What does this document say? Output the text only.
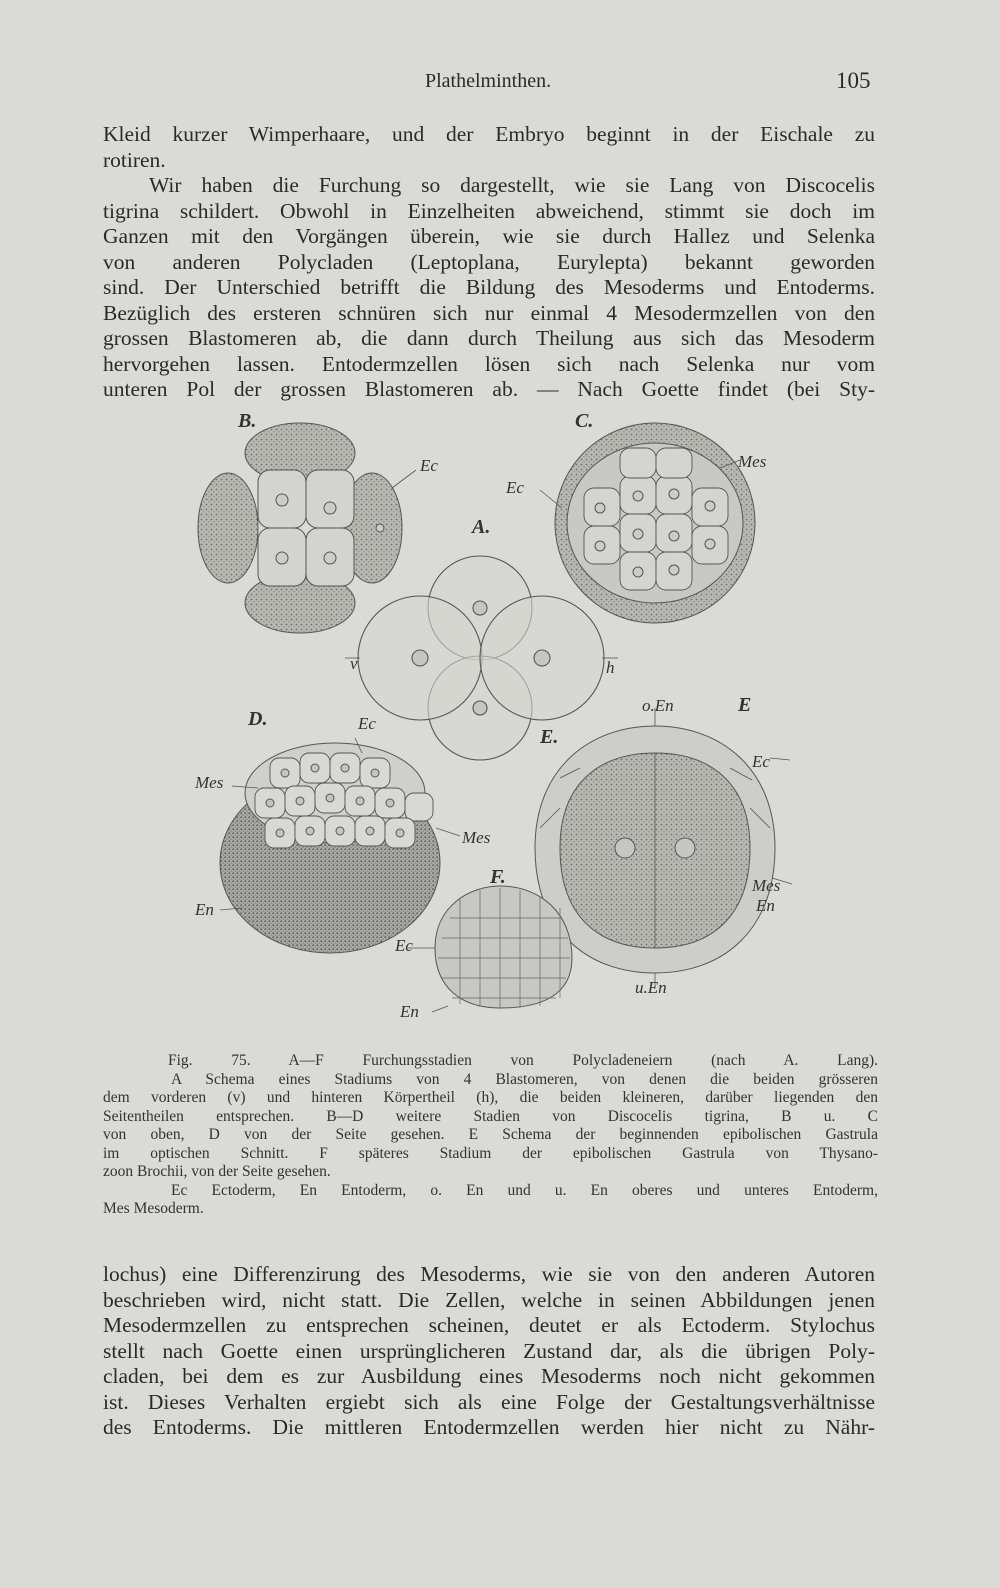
Plathelminthen.	105
Kleid kurzer Wimperhaare, und der Embryo beginnt in der Eischale zu
rotiren.
Wir haben die Furchung so dargestellt, wie sie Lang von Discocelis
tigrina schildert. Obwohl in Einzelheiten abweichend, stimmt sie doch im
Ganzen mit den Vorgängen überein, wie sie durch Hallez und Selenka
von anderen Polycladen (Leptoplana, Eurylepta) bekannt geworden
sind. Der Unterschied betrifft die Bildung des Mesoderms und Entoderms.
Bezüglich des ersteren schnüren sich nur einmal 4 Mesodermzellen von den
grossen Blastomeren ab, die dann durch Theilung aus sich das Mesoderm
hervorgehen lassen. Entodermzellen lösen sich nach Selenka nur vom
unteren Pol der grossen Blastomeren ab. — Nach Goette findet (bei Sty-
B.	C.
A.
D.
E.
E
F.
Ec
Ec
Mes
v	h
Ec
Mes
Mes
En
o.En
Ec
Mes
En
u.En
Ec
En
Fig. 75. A—F Furchungsstadien von Polycladeneiern (nach A. Lang).
A Schema eines Stadiums von 4 Blastomeren, von denen die beiden grösseren
dem vorderen (v) und hinteren Körpertheil (h), die beiden kleineren, darüber liegenden den
Seitentheilen entsprechen. B—D weitere Stadien von Discocelis tigrina, B u. C
von oben, D von der Seite gesehen. E Schema der beginnenden epibolischen Gastrula
im optischen Schnitt. F späteres Stadium der epibolischen Gastrula von Thysano-
zoon Brochii, von der Seite gesehen.
Ec Ectoderm, En Entoderm, o. En und u. En oberes und unteres Entoderm,
Mes Mesoderm.
lochus) eine Differenzirung des Mesoderms, wie sie von den anderen Autoren
beschrieben wird, nicht statt. Die Zellen, welche in seinen Abbildungen jenen
Mesodermzellen zu entsprechen scheinen, deutet er als Ectoderm. Stylochus
stellt nach Goette einen ursprünglicheren Zustand dar, als die übrigen Poly-
claden, bei dem es zur Ausbildung eines Mesoderms noch nicht gekommen
ist. Dieses Verhalten ergiebt sich als eine Folge der Gestaltungsverhältnisse
des Entoderms. Die mittleren Entodermzellen werden hier nicht zu Nähr-
